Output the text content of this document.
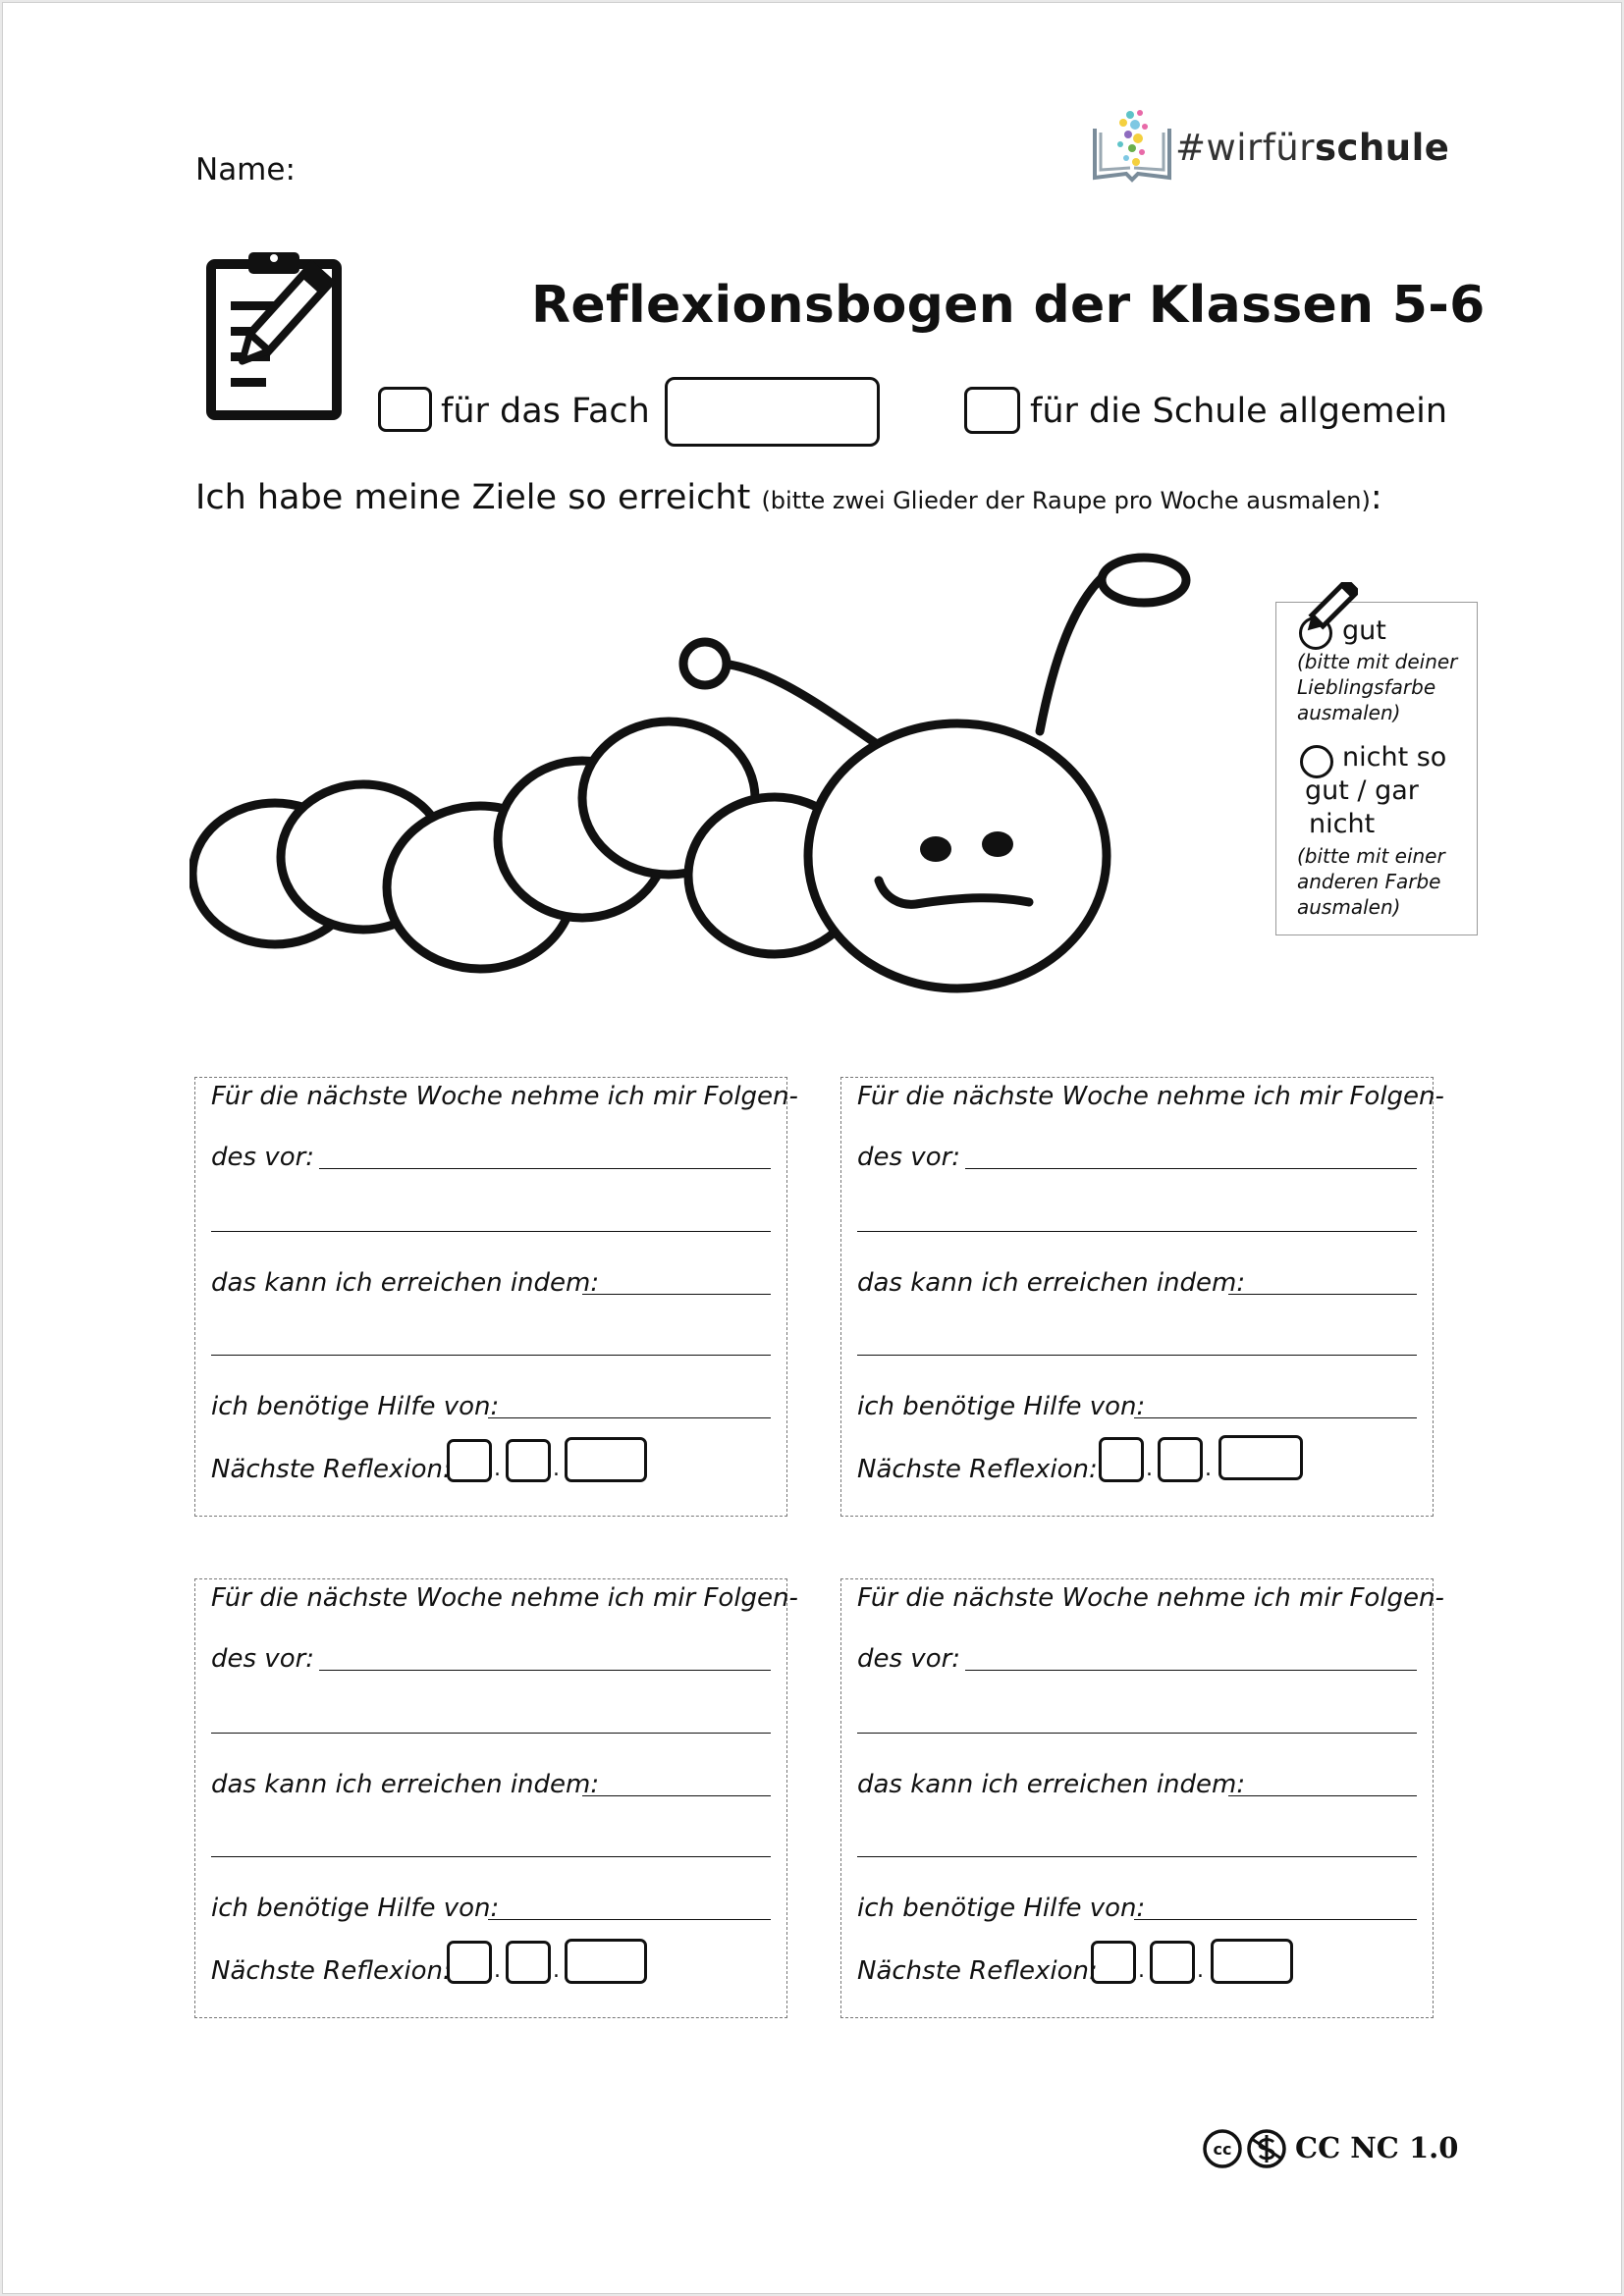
Name:
#wirfürschule
Reflexionsbogen der Klassen 5-6
für das Fach	für die Schule allgemein
Ich habe meine Ziele so erreicht (bitte zwei Glieder der Raupe pro Woche ausmalen):
gut
(bitte mit deiner
Lieblingsfarbe
ausmalen)
nicht so
gut / gar
nicht
(bitte mit einer
anderen Farbe
ausmalen)
Für die nächste Woche nehme ich mir Folgen-
des vor:
das kann ich erreichen indem:
ich benötige Hilfe von:
Nächste Reflexion: . .
Für die nächste Woche nehme ich mir Folgen-
des vor:
das kann ich erreichen indem:
ich benötige Hilfe von:
Nächste Reflexion: . .
Für die nächste Woche nehme ich mir Folgen-
des vor:
das kann ich erreichen indem:
ich benötige Hilfe von:
Nächste Reflexion: . .
Für die nächste Woche nehme ich mir Folgen-
des vor:
das kann ich erreichen indem:
ich benötige Hilfe von:
Nächste Reflexion: . .
cc CC NC 1.0
